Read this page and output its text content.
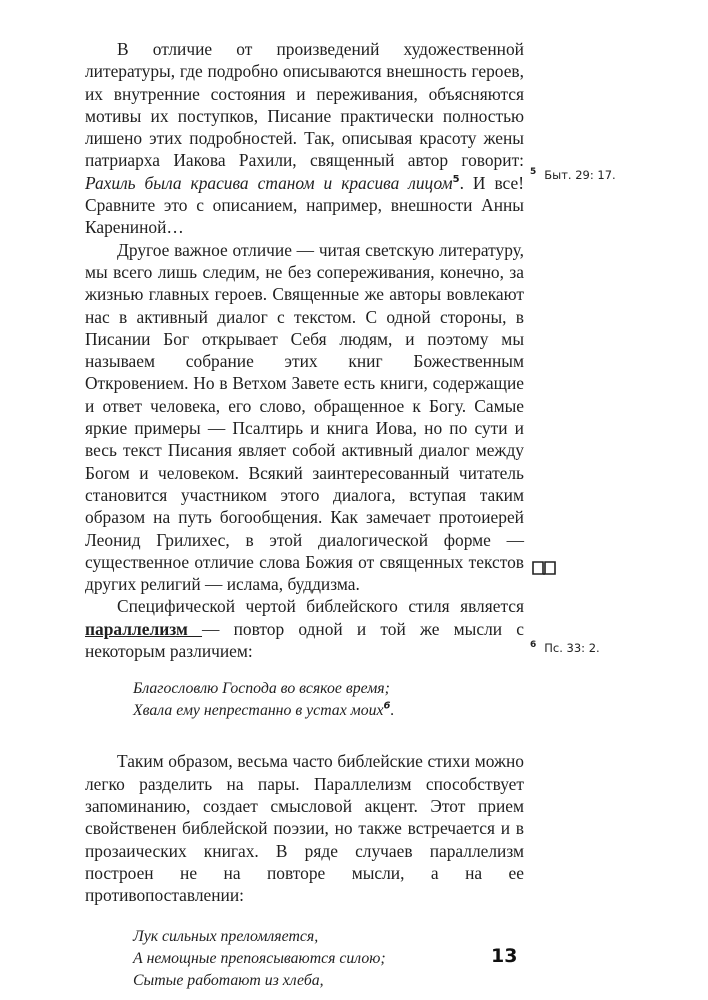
В отличие от произведений художественной литературы, где подробно описываются внешность героев, их внутренние состояния и переживания, объясняются мотивы их поступков, Писание практически полностью лишено этих подробностей. Так, описывая красоту жены патриарха Иакова Рахили, священный автор говорит: Рахиль была красива станом и красива лицом$^5$. И все! Сравните это с описанием, например, внешности Анны Карениной…

Другое важное отличие — читая светскую литературу, мы всего лишь следим, не без сопереживания, конечно, за жизнью главных героев. Священные же авторы вовлекают нас в активный диалог с текстом. С одной стороны, в Писании Бог открывает Себя людям, и поэтому мы называем собрание этих книг Божественным Откровением. Но в Ветхом Завете есть книги, содержащие и ответ человека, его слово, обращенное к Богу. Самые яркие примеры — Псалтирь и книга Иова, но по сути и весь текст Писания являет собой активный диалог между Богом и человеком. Всякий заинтересованный читатель становится участником этого диалога, вступая таким образом на путь богообщения. Как замечает протоиерей Леонид Грилихес, в этой диалогической форме — существенное отличие слова Божия от священных текстов других религий — ислама, буддизма.

Специфической чертой библейского стиля является параллелизм — повтор одной и той же мысли с некоторым различием:

Благословлю Господа во всякое время;
Хвала ему непрестанно в устах моих$^6$.

Таким образом, весьма часто библейские стихи можно легко разделить на пары. Параллелизм способствует запоминанию, создает смысловой акцент. Этот прием свойственен библейской поэзии, но также встречается и в прозаических книгах. В ряде случаев параллелизм построен не на повторе мысли, а на ее противопоставлении:

Лук сильных преломляется,
А немощные препоясываются силою;
Сытые работают из хлеба,
$^5$ Быт. 29: 17.
$^6$ Пс. 33: 2.
13
